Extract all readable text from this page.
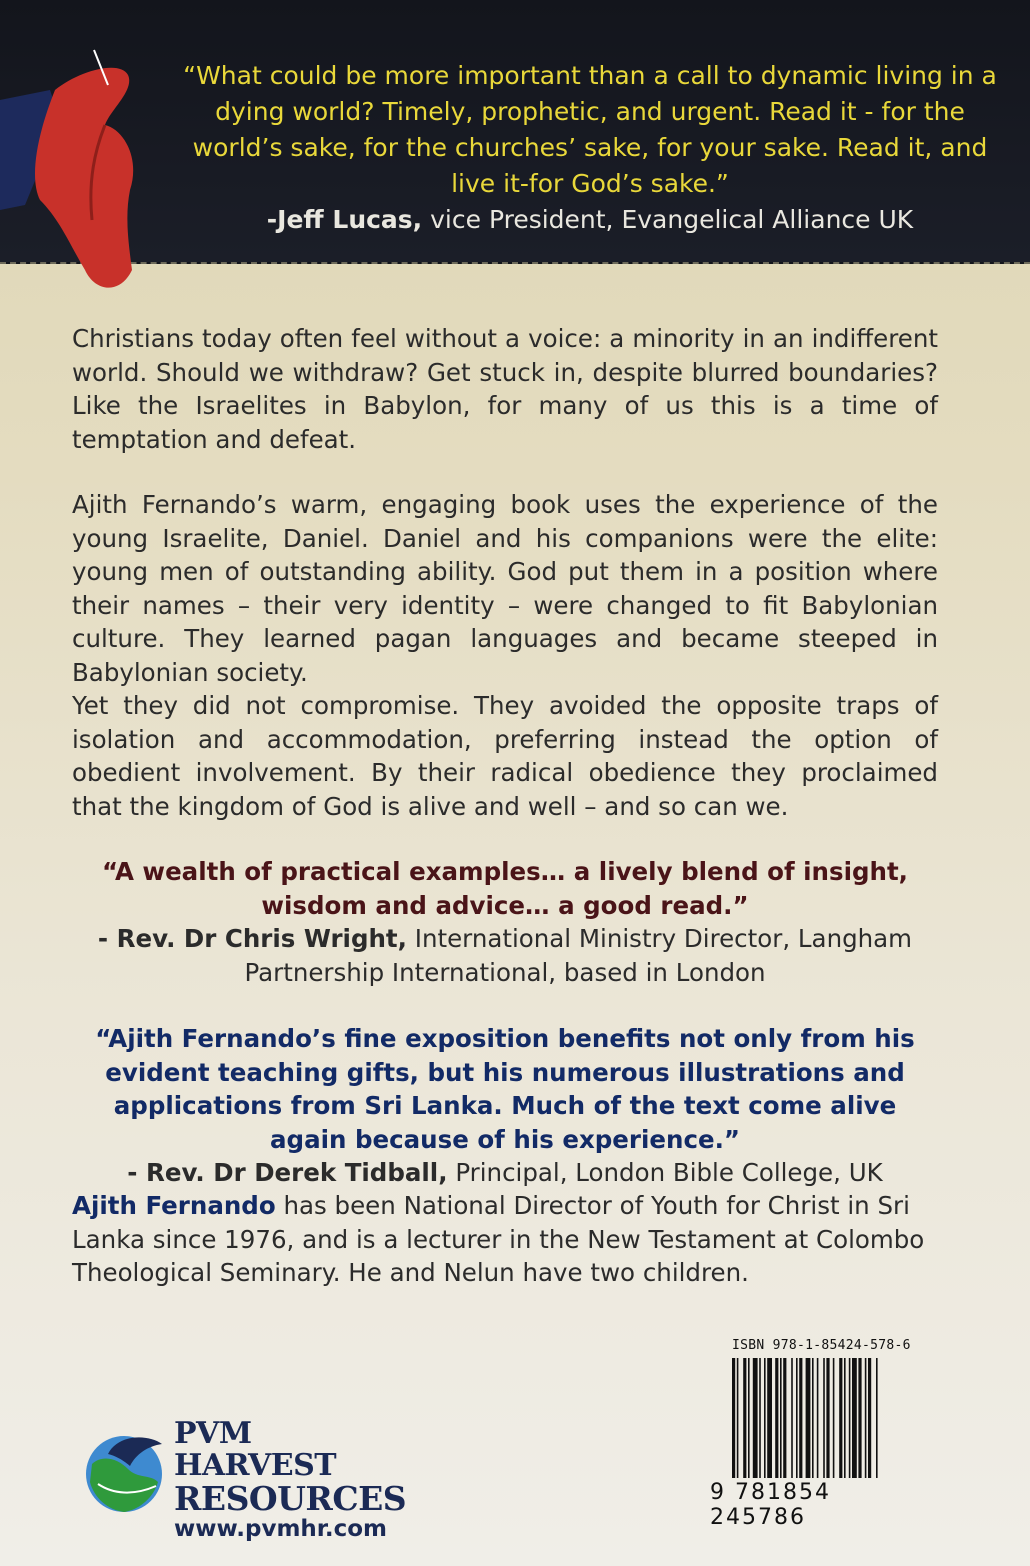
“What could be more important than a call to dynamic living in a dying world? Timely, prophetic, and urgent. Read it - for the world’s sake, for the churches’ sake, for your sake. Read it, and live it-for God’s sake.”
-Jeff Lucas, vice President, Evangelical Alliance UK

Christians today often feel without a voice: a minority in an indifferent world. Should we withdraw? Get stuck in, despite blurred boundaries? Like the Israelites in Babylon, for many of us this is a time of temptation and defeat.

Ajith Fernando’s warm, engaging book uses the experience of the young Israelite, Daniel. Daniel and his companions were the elite: young men of outstanding ability. God put them in a position where their names – their very identity – were changed to fit Babylonian culture. They learned pagan languages and became steeped in Babylonian society.

Yet they did not compromise. They avoided the opposite traps of isolation and accommodation, preferring instead the option of obedient involvement. By their radical obedience they proclaimed that the kingdom of God is alive and well – and so can we.

“A wealth of practical examples… a lively blend of insight, wisdom and advice… a good read.”
- Rev. Dr Chris Wright, International Ministry Director, Langham Partnership International, based in London
“Ajith Fernando’s fine exposition benefits not only from his evident teaching gifts, but his numerous illustrations and applications from Sri Lanka. Much of the text come alive again because of his experience.”
- Rev. Dr Derek Tidball, Principal, London Bible College, UK

Ajith Fernando has been National Director of Youth for Christ in Sri Lanka since 1976, and is a lecturer in the New Testament at Colombo Theological Seminary. He and Nelun have two children.

PVM HARVEST
RESOURCES
www.pvmhr.com
ISBN 978-1-85424-578-6
9 781854 245786
